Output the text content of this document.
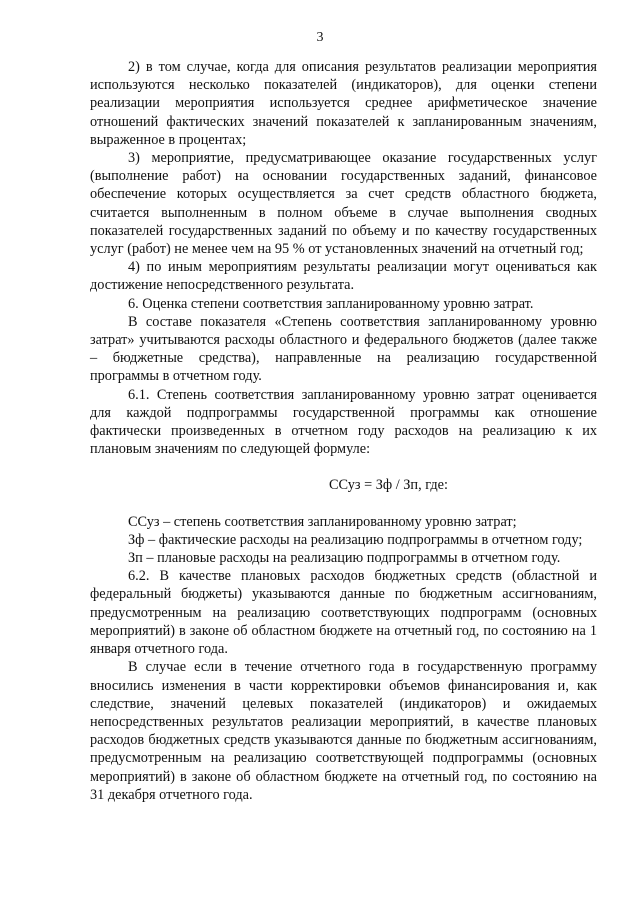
3

2) в том случае, когда для описания результатов реализации мероприятия используются несколько показателей (индикаторов), для оценки степени реализации мероприятия используется среднее арифметическое значение отношений фактических значений показателей к запланированным значениям, выраженное в процентах;

3) мероприятие, предусматривающее оказание государственных услуг (выполнение работ) на основании государственных заданий, финансовое обеспечение которых осуществляется за счет средств областного бюджета, считается выполненным в полном объеме в случае выполнения сводных показателей государственных заданий по объему и по качеству государственных услуг (работ) не менее чем на 95 % от установленных значений на отчетный год;

4) по иным мероприятиям результаты реализации могут оцениваться как достижение непосредственного результата.

6. Оценка степени соответствия запланированному уровню затрат.

В составе показателя «Степень соответствия запланированному уровню затрат» учитываются расходы областного и федерального бюджетов (далее также – бюджетные средства), направленные на реализацию государственной программы в отчетном году.

6.1. Степень соответствия запланированному уровню затрат оценивается для каждой подпрограммы государственной программы как отношение фактически произведенных в отчетном году расходов на реализацию к их плановым значениям по следующей формуле:

ССуз = Зф / Зп, где:

ССуз – степень соответствия запланированному уровню затрат;

Зф – фактические расходы на реализацию подпрограммы в отчетном году;

Зп – плановые расходы на реализацию подпрограммы в отчетном году.

6.2. В качестве плановых расходов бюджетных средств (областной и федеральный бюджеты) указываются данные по бюджетным ассигнованиям, предусмотренным на реализацию соответствующих подпрограмм (основных мероприятий) в законе об областном бюджете на отчетный год, по состоянию на 1 января отчетного года.

В случае если в течение отчетного года в государственную программу вносились изменения в части корректировки объемов финансирования и, как следствие, значений целевых показателей (индикаторов) и ожидаемых непосредственных результатов реализации мероприятий, в качестве плановых расходов бюджетных средств указываются данные по бюджетным ассигнованиям, предусмотренным на реализацию соответствующей подпрограммы (основных мероприятий) в законе об областном бюджете на отчетный год, по состоянию на 31 декабря отчетного года.
